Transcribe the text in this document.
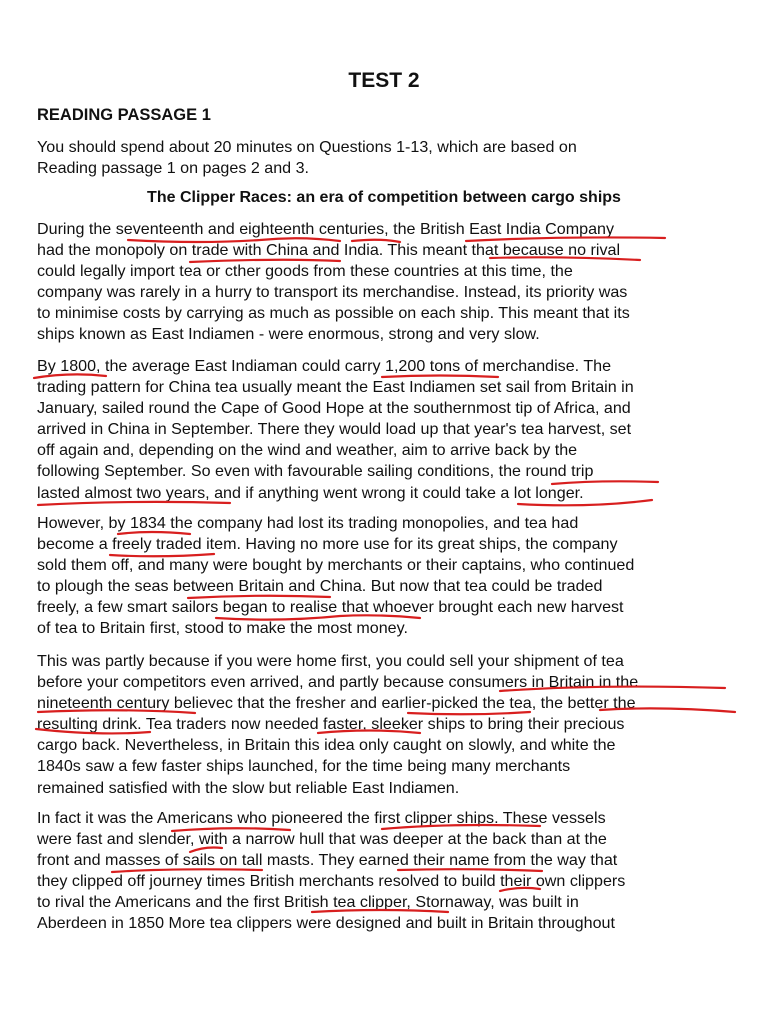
TEST 2
READING PASSAGE 1

You should spend about 20 minutes on Questions 1-13, which are based on
Reading passage 1 on pages 2 and 3.

The Clipper Races: an era of competition between cargo ships

During the seventeenth and eighteenth centuries, the British East India Company
had the monopoly on trade with China and India. This meant that because no rival
could legally import tea or cther goods from these countries at this time, the
company was rarely in a hurry to transport its merchandise. Instead, its priority was
to minimise costs by carrying as much as possible on each ship. This meant that its
ships known as East Indiamen - were enormous, strong and very slow.

By 1800, the average East Indiaman could carry 1,200 tons of merchandise. The
trading pattern for China tea usually meant the East Indiamen set sail from Britain in
January, sailed round the Cape of Good Hope at the southernmost tip of Africa, and
arrived in China in September. There they would load up that year's tea harvest, set
off again and, depending on the wind and weather, aim to arrive back by the
following September. So even with favourable sailing conditions, the round trip
lasted almost two years, and if anything went wrong it could take a lot longer.

However, by 1834 the company had lost its trading monopolies, and tea had
become a freely traded item. Having no more use for its great ships, the company
sold them off, and many were bought by merchants or their captains, who continued
to plough the seas between Britain and China. But now that tea could be traded
freely, a few smart sailors began to realise that whoever brought each new harvest
of tea to Britain first, stood to make the most money.

This was partly because if you were home first, you could sell your shipment of tea
before your competitors even arrived, and partly because consumers in Britain in the
nineteenth century believec that the fresher and earlier-picked the tea, the better the
resulting drink. Tea traders now needed faster, sleeker ships to bring their precious
cargo back. Nevertheless, in Britain this idea only caught on slowly, and white the
1840s saw a few faster ships launched, for the time being many merchants
remained satisfied with the slow but reliable East Indiamen.

In fact it was the Americans who pioneered the first clipper ships. These vessels
were fast and slender, with a narrow hull that was deeper at the back than at the
front and masses of sails on tall masts. They earned their name from the way that
they clipped off journey times British merchants resolved to build their own clippers
to rival the Americans and the first British tea clipper, Stornaway, was built in
Aberdeen in 1850 More tea clippers were designed and built in Britain throughout
